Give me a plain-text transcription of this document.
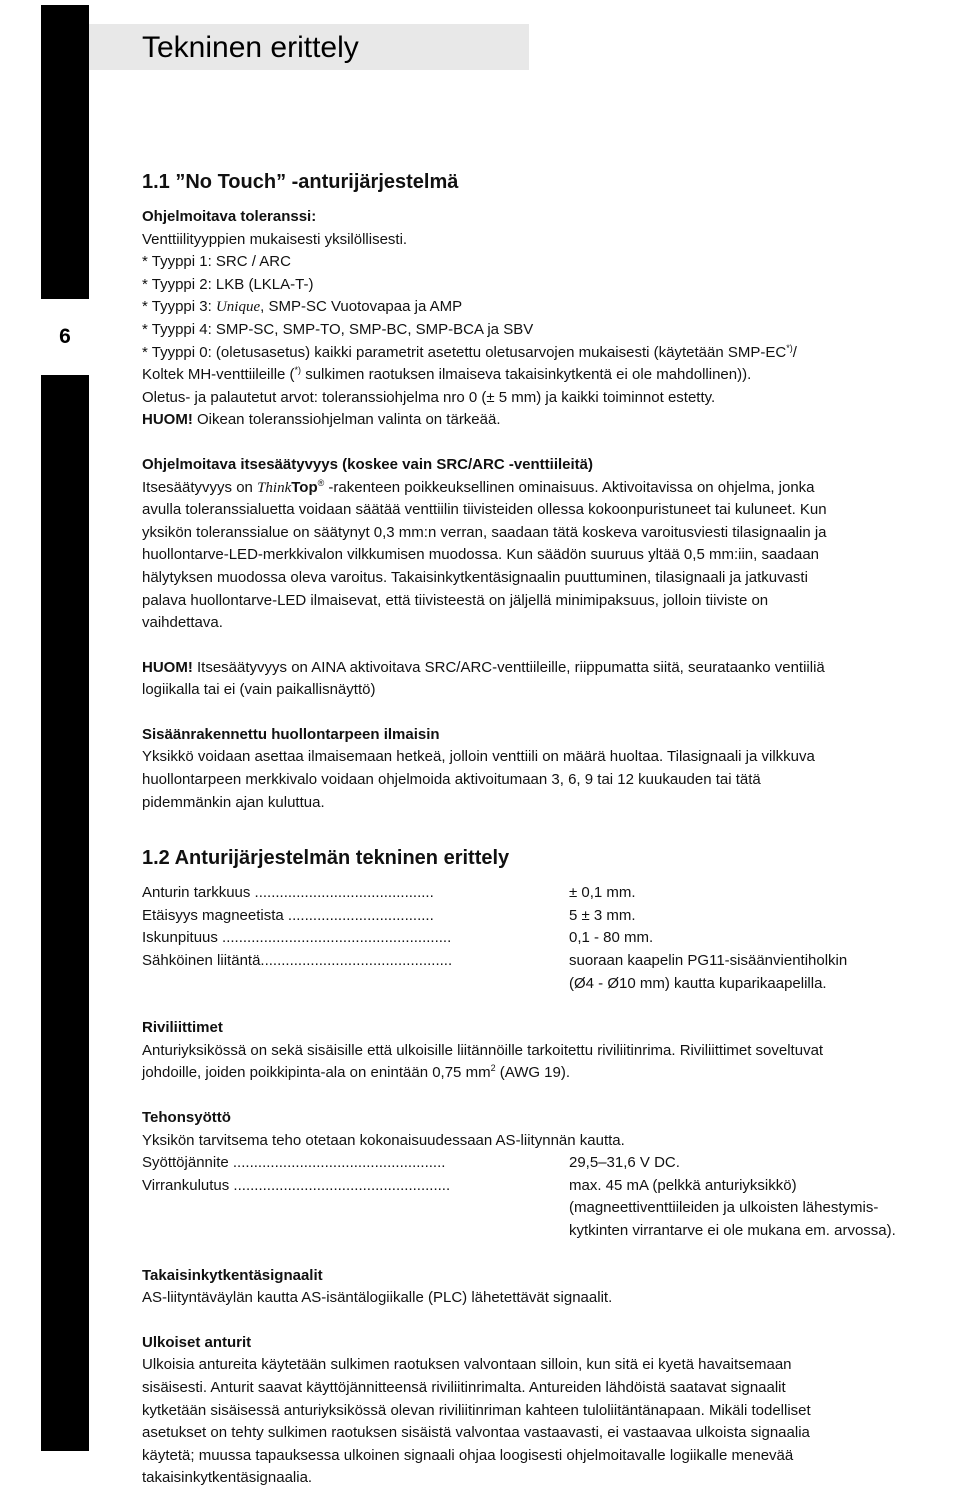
6
Tekninen erittely

1.1 ”No Touch” -anturijärjestelmä

Ohjelmoitava toleranssi:

Venttiilityyppien mukaisesti yksilöllisesti.

* Tyyppi 1: SRC / ARC

* Tyyppi 2: LKB (LKLA-T-)

* Tyyppi 3: Unique, SMP-SC Vuotovapaa ja AMP

* Tyyppi 4: SMP-SC, SMP-TO, SMP-BC, SMP-BCA ja SBV

* Tyyppi 0: (oletusasetus) kaikki parametrit asetettu oletusarvojen mukaisesti (käytetään SMP-EC*)/

Koltek MH-venttiileille (*) sulkimen raotuksen ilmaiseva takaisinkytkentä ei ole mahdollinen)).

Oletus- ja palautetut arvot: toleranssiohjelma nro 0 (± 5 mm) ja kaikki toiminnot estetty.

HUOM! Oikean toleranssiohjelman valinta on tärkeää.

Ohjelmoitava itsesäätyvyys (koskee vain SRC/ARC -venttiileitä)

Itsesäätyvyys on ThinkTop® -rakenteen poikkeuksellinen ominaisuus. Aktivoitavissa on ohjelma, jonka

avulla toleranssialuetta voidaan säätää venttiilin tiivisteiden ollessa kokoonpuristuneet tai kuluneet. Kun

yksikön toleranssialue on säätynyt 0,3 mm:n verran, saadaan tätä koskeva varoitusviesti tilasignaalin ja

huollontarve-LED-merkkivalon vilkkumisen muodossa. Kun säädön suuruus yltää 0,5 mm:iin, saadaan

hälytyksen muodossa oleva varoitus. Takaisinkytkentäsignaalin puuttuminen, tilasignaali ja jatkuvasti

palava huollontarve-LED ilmaisevat, että tiivisteestä on jäljellä minimipaksuus, jolloin tiiviste on

vaihdettava.

HUOM! Itsesäätyvyys on AINA aktivoitava SRC/ARC-venttiileille, riippumatta siitä, seurataanko ventiiliä

logiikalla tai ei (vain paikallisnäyttö)

Sisäänrakennettu huollontarpeen ilmaisin

Yksikkö voidaan asettaa ilmaisemaan hetkeä, jolloin venttiili on määrä huoltaa. Tilasignaali ja vilkkuva

huollontarpeen merkkivalo voidaan ohjelmoida aktivoitumaan 3, 6, 9 tai 12 kuukauden tai tätä

pidemmänkin ajan kuluttua.

1.2 Anturijärjestelmän tekninen erittely

Anturin tarkkuus ...........................................	± 0,1 mm.
Etäisyys magneetista ...................................	5 ± 3 mm.
Iskunpituus .......................................................	0,1 - 80 mm.
Sähköinen liitäntä..............................................	suoraan kaapelin PG11-sisäänvientiholkin
(Ø4 - Ø10 mm) kautta kuparikaapelilla.

Riviliittimet

Anturiyksikössä on sekä sisäisille että ulkoisille liitännöille tarkoitettu riviliitinrima. Riviliittimet soveltuvat

johdoille, joiden poikkipinta-ala on enintään 0,75 $mm^2$ (AWG 19).

Tehonsyöttö

Yksikön tarvitsema teho otetaan kokonaisuudessaan AS-liitynnän kautta.

Syöttöjännite ...................................................	29,5–31,6 V DC.
Virrankulutus ....................................................	max. 45 mA (pelkkä anturiyksikkö)
(magneettiventtiileiden ja ulkoisten lähestymis-
kytkinten virrantarve ei ole mukana em. arvossa).

Takaisinkytkentäsignaalit

AS-liityntäväylän kautta AS-isäntälogiikalle (PLC) lähetettävät signaalit.

Ulkoiset anturit

Ulkoisia antureita käytetään sulkimen raotuksen valvontaan silloin, kun sitä ei kyetä havaitsemaan

sisäisesti. Anturit saavat käyttöjännitteensä riviliitinrimalta. Antureiden lähdöistä saatavat signaalit

kytketään sisäisessä anturiyksikössä olevan riviliitinriman kahteen tuloliitäntänapaan. Mikäli todelliset

asetukset on tehty sulkimen raotuksen sisäistä valvontaa vastaavasti, ei vastaavaa ulkoista signaalia

käytetä; muussa tapauksessa ulkoinen signaali ohjaa loogisesti ohjelmoitavalle logiikalle menevää

takaisinkytkentäsignaalia.
